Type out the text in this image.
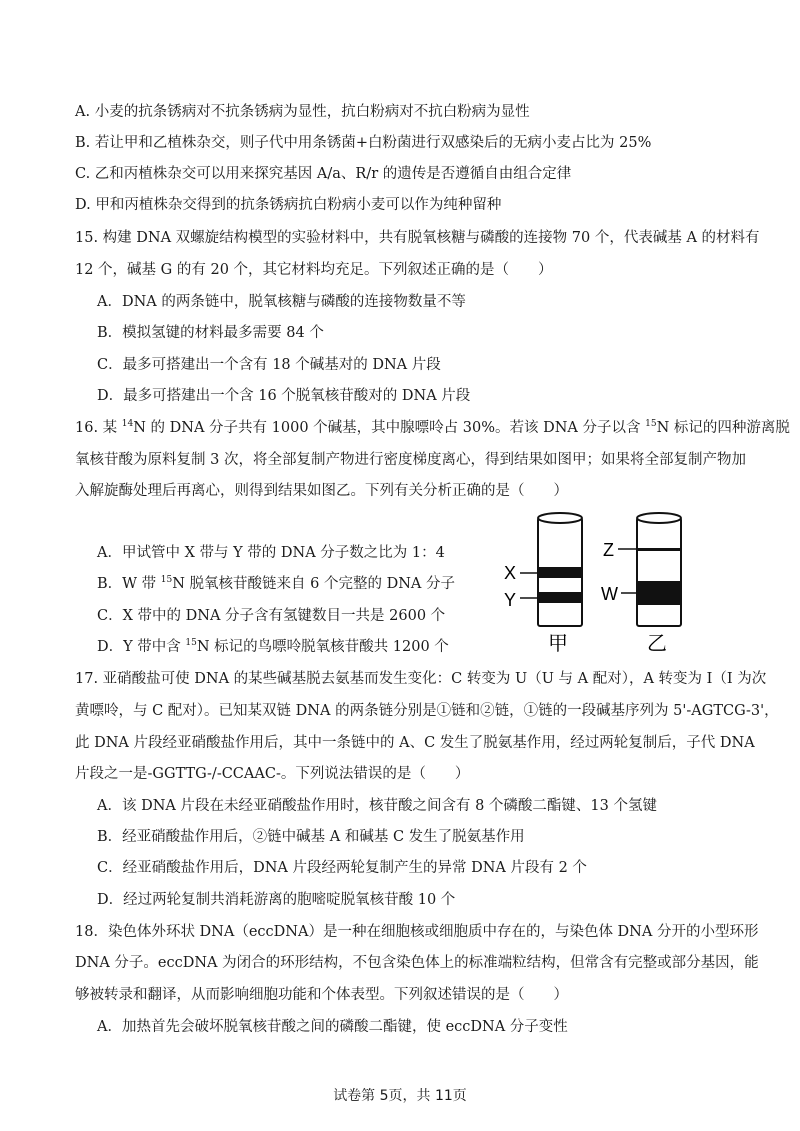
A. 小麦的抗条锈病对不抗条锈病为显性，抗白粉病对不抗白粉病为显性
B. 若让甲和乙植株杂交，则子代中用条锈菌+白粉菌进行双感染后的无病小麦占比为 25%
C. 乙和丙植株杂交可以用来探究基因 A/a、R/r 的遗传是否遵循自由组合定律
D. 甲和丙植株杂交得到的抗条锈病抗白粉病小麦可以作为纯种留种
15. 构建 DNA 双螺旋结构模型的实验材料中，共有脱氧核糖与磷酸的连接物 70 个，代表碱基 A 的材料有
12 个，碱基 G 的有 20 个，其它材料均充足。下列叙述正确的是（　　）
A．DNA 的两条链中，脱氧核糖与磷酸的连接物数量不等
B．模拟氢键的材料最多需要 84 个
C．最多可搭建出一个含有 18 个碱基对的 DNA 片段
D．最多可搭建出一个含 16 个脱氧核苷酸对的 DNA 片段
16. 某 $^{14}$N 的 DNA 分子共有 1000 个碱基，其中腺嘌呤占 30%。若该 DNA 分子以含 $^{15}$N 标记的四种游离脱
氧核苷酸为原料复制 3 次，将全部复制产物进行密度梯度离心，得到结果如图甲；如果将全部复制产物加
入解旋酶处理后再离心，则得到结果如图乙。下列有关分析正确的是（　　）
A．甲试管中 X 带与 Y 带的 DNA 分子数之比为 1：4
B．W 带 $^{15}$N 脱氧核苷酸链来自 6 个完整的 DNA 分子
C．X 带中的 DNA 分子含有氢键数目一共是 2600 个
D．Y 带中含 $^{15}$N 标记的鸟嘌呤脱氧核苷酸共 1200 个
X
Y
Z
W
甲	乙
17. 亚硝酸盐可使 DNA 的某些碱基脱去氨基而发生变化：C 转变为 U（U 与 A 配对），A 转变为 I（I 为次
黄嘌呤，与 C 配对）。已知某双链 DNA 的两条链分别是①链和②链，①链的一段碱基序列为 5'-AGTCG-3'，
此 DNA 片段经亚硝酸盐作用后，其中一条链中的 A、C 发生了脱氨基作用，经过两轮复制后，子代 DNA
片段之一是-GGTTG-/-CCAAC-。下列说法错误的是（　　）
A．该 DNA 片段在未经亚硝酸盐作用时，核苷酸之间含有 8 个磷酸二酯键、13 个氢键
B．经亚硝酸盐作用后，②链中碱基 A 和碱基 C 发生了脱氨基作用
C．经亚硝酸盐作用后，DNA 片段经两轮复制产生的异常 DNA 片段有 2 个
D．经过两轮复制共消耗游离的胞嘧啶脱氧核苷酸 10 个
18．染色体外环状 DNA（eccDNA）是一种在细胞核或细胞质中存在的，与染色体 DNA 分开的小型环形
DNA 分子。eccDNA 为闭合的环形结构，不包含染色体上的标准端粒结构，但常含有完整或部分基因，能
够被转录和翻译，从而影响细胞功能和个体表型。下列叙述错误的是（　　）
A．加热首先会破坏脱氧核苷酸之间的磷酸二酯键，使 eccDNA 分子变性
试卷第 5页，共 11页
